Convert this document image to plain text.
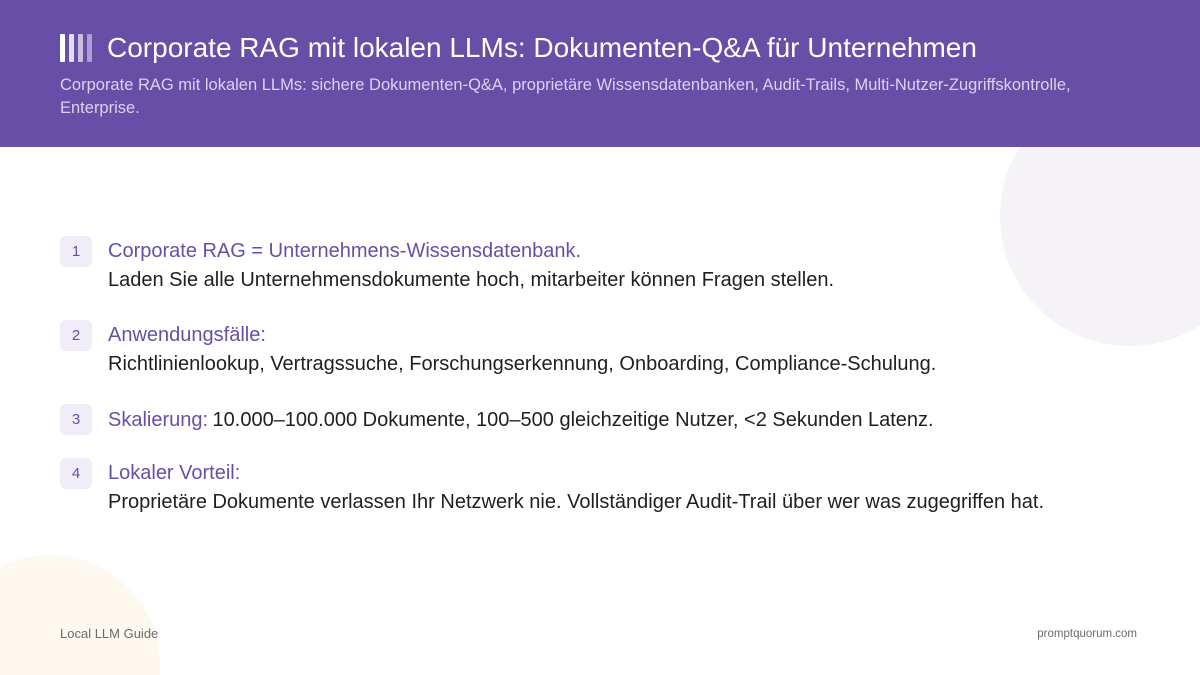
Corporate RAG mit lokalen LLMs: Dokumenten-Q&A für Unternehmen
Corporate RAG mit lokalen LLMs: sichere Dokumenten-Q&A, proprietäre Wissensdatenbanken, Audit-Trails, Multi-Nutzer-Zugriffskontrolle, Enterprise.
1	Corporate RAG = Unternehmens-Wissensdatenbank.
Laden Sie alle Unternehmensdokumente hoch, mitarbeiter können Fragen stellen.
2	Anwendungsfälle:
Richtlinienlookup, Vertragssuche, Forschungserkennung, Onboarding, Compliance-Schulung.
3	Skalierung: 10.000–100.000 Dokumente, 100–500 gleichzeitige Nutzer, <2 Sekunden Latenz.
4	Lokaler Vorteil:
Proprietäre Dokumente verlassen Ihr Netzwerk nie. Vollständiger Audit-Trail über wer was zugegriffen hat.
Local LLM Guide	promptquorum.com
